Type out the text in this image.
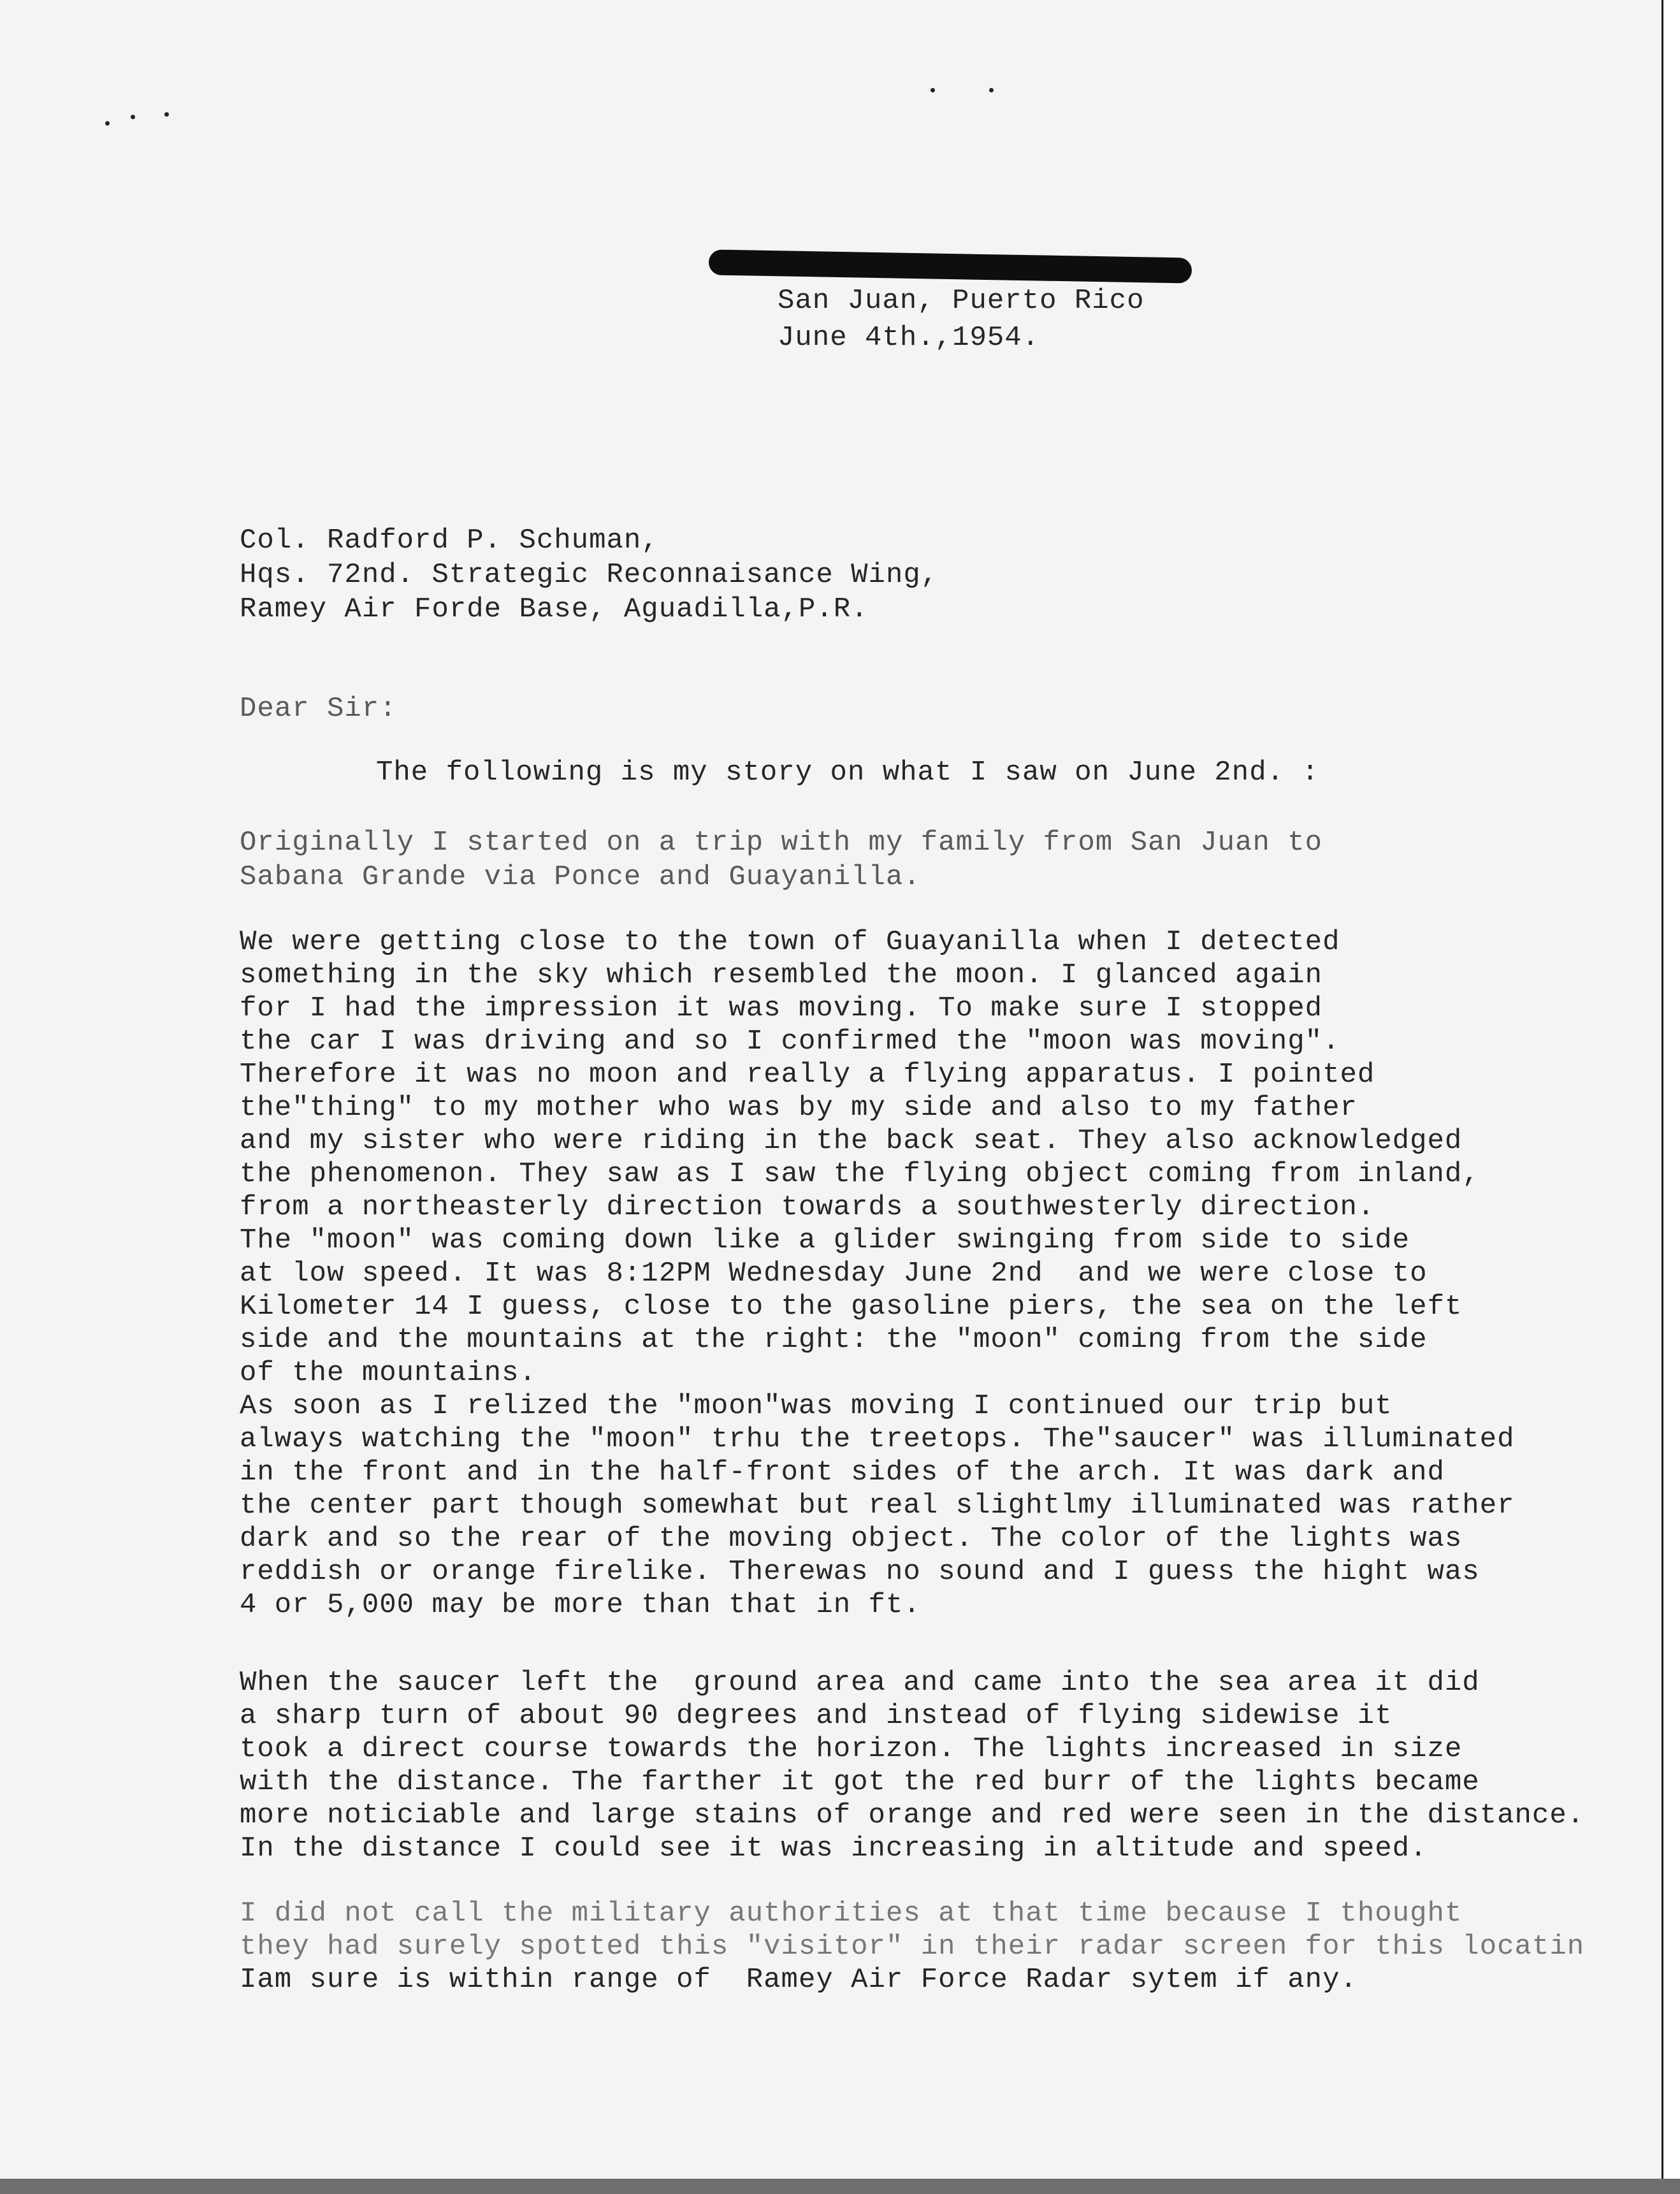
San Juan, Puerto Rico
June 4th.,1954.
Col. Radford P. Schuman,
Hqs. 72nd. Strategic Reconnaisance Wing,
Ramey Air Forde Base, Aguadilla,P.R.
Dear Sir:
The following is my story on what I saw on June 2nd. :
Originally I started on a trip with my family from San Juan to
Sabana Grande via Ponce and Guayanilla.
We were getting close to the town of Guayanilla when I detected
something in the sky which resembled the moon. I glanced again
for I had the impression it was moving. To make sure I stopped
the car I was driving and so I confirmed the "moon was moving".
Therefore it was no moon and really a flying apparatus. I pointed
the"thing" to my mother who was by my side and also to my father
and my sister who were riding in the back seat. They also acknowledged
the phenomenon. They saw as I saw the flying object coming from inland,
from a northeasterly direction towards a southwesterly direction.
The "moon" was coming down like a glider swinging from side to side
at low speed. It was 8:12PM Wednesday June 2nd  and we were close to
Kilometer 14 I guess, close to the gasoline piers, the sea on the left
side and the mountains at the right: the "moon" coming from the side
of the mountains.
As soon as I relized the "moon"was moving I continued our trip but
always watching the "moon" trhu the treetops. The"saucer" was illuminated
in the front and in the half-front sides of the arch. It was dark and
the center part though somewhat but real slightlmy illuminated was rather
dark and so the rear of the moving object. The color of the lights was
reddish or orange firelike. Therewas no sound and I guess the hight was
4 or 5,000 may be more than that in ft.
When the saucer left the  ground area and came into the sea area it did
a sharp turn of about 90 degrees and instead of flying sidewise it
took a direct course towards the horizon. The lights increased in size
with the distance. The farther it got the red burr of the lights became
more noticiable and large stains of orange and red were seen in the distance.
In the distance I could see it was increasing in altitude and speed.
I did not call the military authorities at that time because I thought
they had surely spotted this "visitor" in their radar screen for this locatin
Iam sure is within range of  Ramey Air Force Radar sytem if any.
